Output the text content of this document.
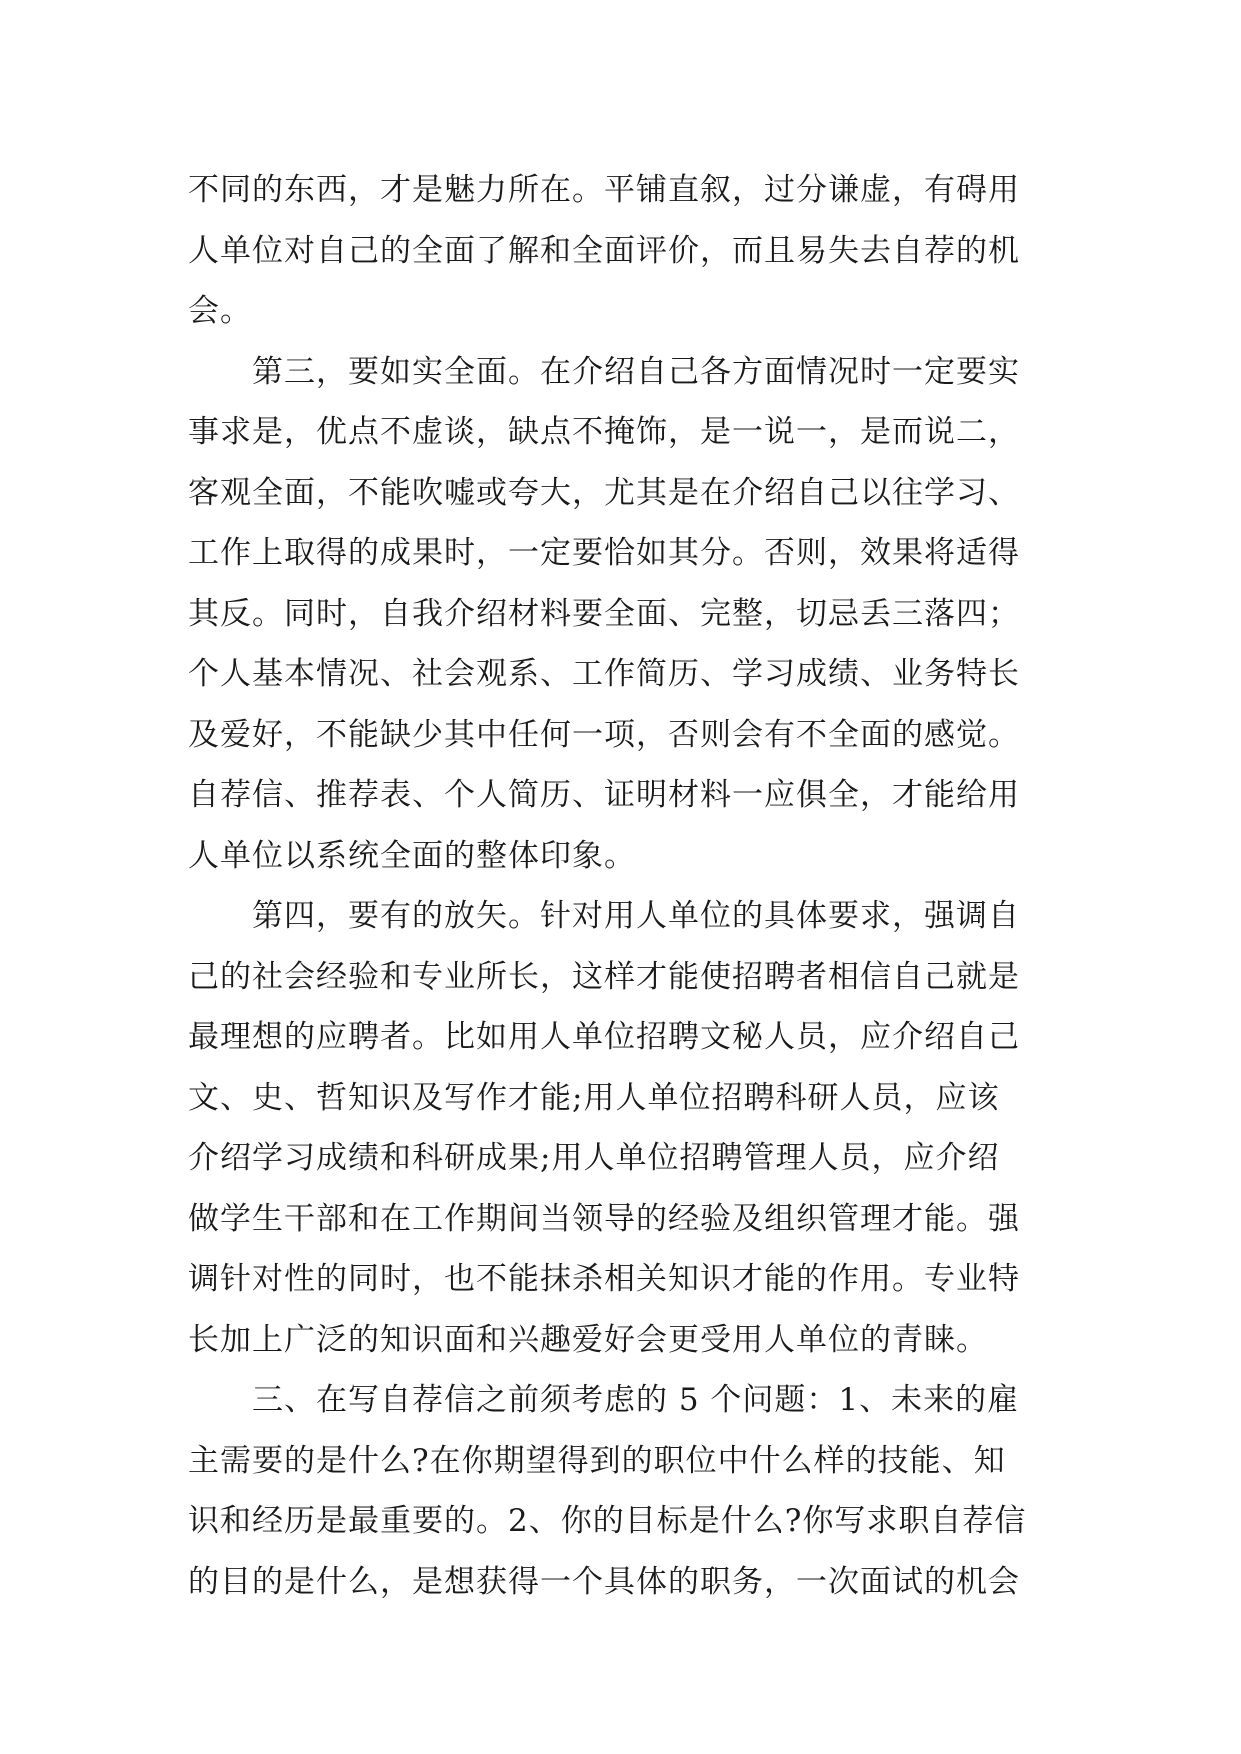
不同的东西，才是魅力所在。平铺直叙，过分谦虚，有碍用
人单位对自己的全面了解和全面评价，而且易失去自荐的机
会。
第三，要如实全面。在介绍自己各方面情况时一定要实
事求是，优点不虚谈，缺点不掩饰，是一说一，是而说二，
客观全面，不能吹嘘或夸大，尤其是在介绍自己以往学习、
工作上取得的成果时，一定要恰如其分。否则，效果将适得
其反。同时，自我介绍材料要全面、完整，切忌丢三落四；
个人基本情况、社会观系、工作简历、学习成绩、业务特长
及爱好，不能缺少其中任何一项，否则会有不全面的感觉。
自荐信、推荐表、个人简历、证明材料一应俱全，才能给用
人单位以系统全面的整体印象。
第四，要有的放矢。针对用人单位的具体要求，强调自
己的社会经验和专业所长，这样才能使招聘者相信自己就是
最理想的应聘者。比如用人单位招聘文秘人员，应介绍自己
文、史、哲知识及写作才能;用人单位招聘科研人员，应该
介绍学习成绩和科研成果;用人单位招聘管理人员，应介绍
做学生干部和在工作期间当领导的经验及组织管理才能。强
调针对性的同时，也不能抹杀相关知识才能的作用。专业特
长加上广泛的知识面和兴趣爱好会更受用人单位的青睐。
三、在写自荐信之前须考虑的 5 个问题：1、未来的雇
主需要的是什么?在你期望得到的职位中什么样的技能、知
识和经历是最重要的。2、你的目标是什么?你写求职自荐信
的目的是什么，是想获得一个具体的职务，一次面试的机会
